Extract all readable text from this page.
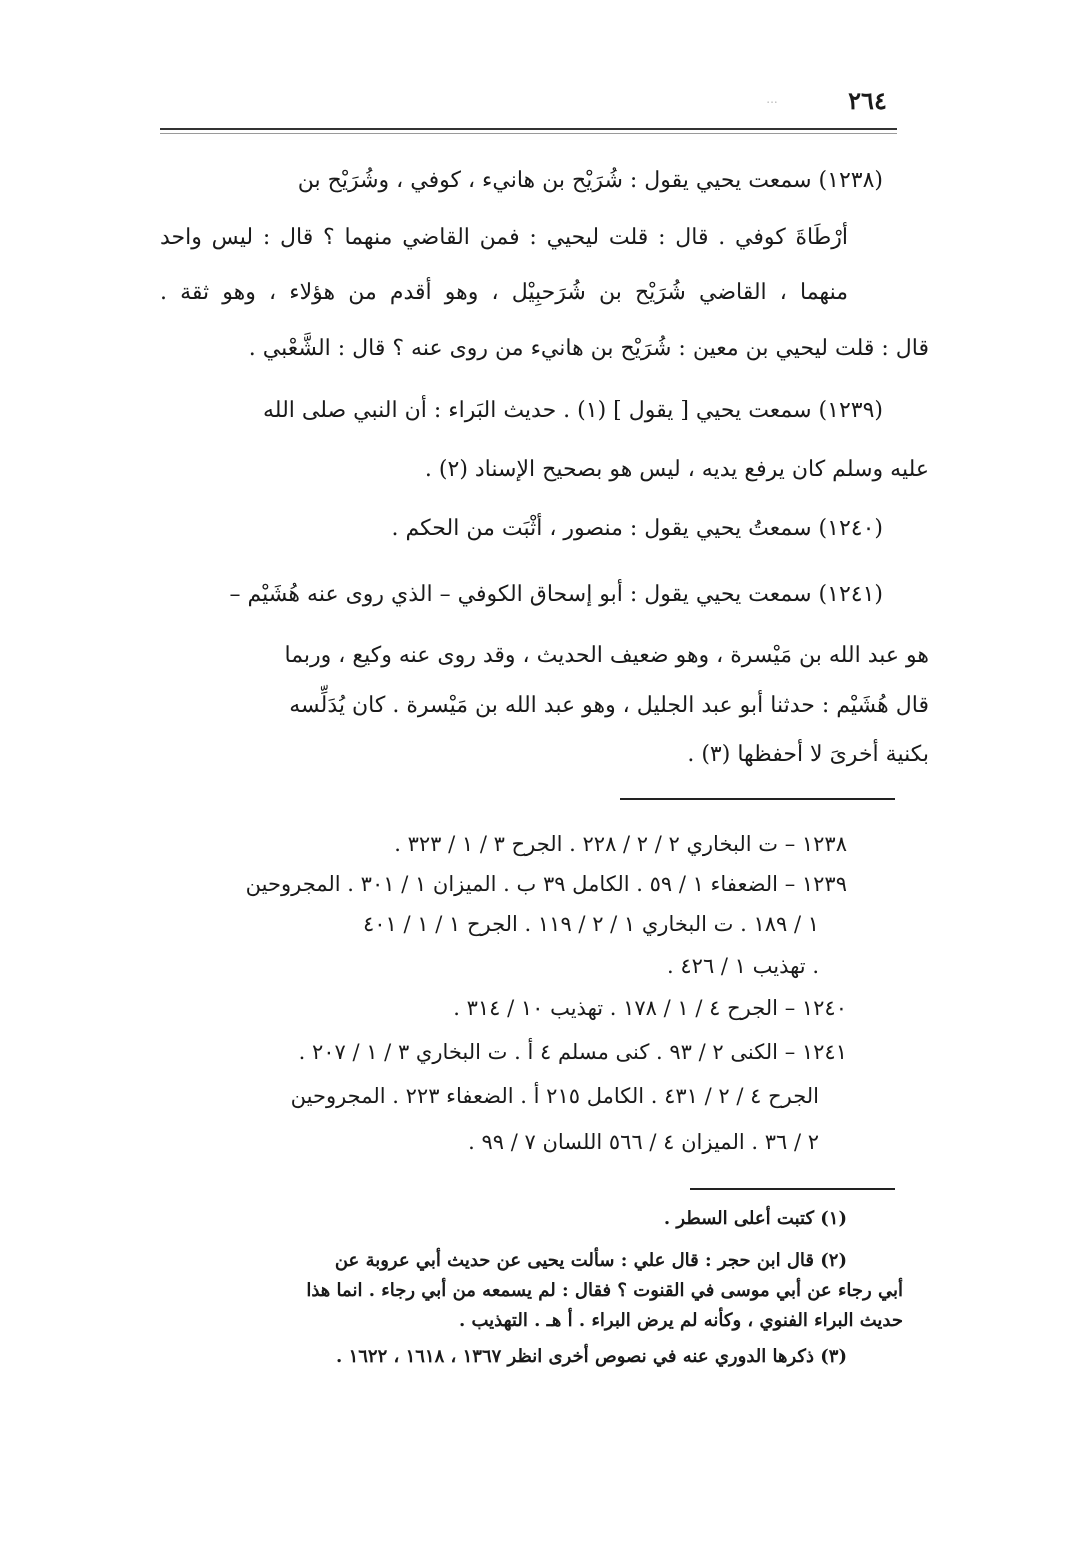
...	٢٦٤
(١٢٣٨) سمعت يحيي يقول : شُرَيْح بن هانيء ، كوفي ، وشُرَيْح بن
أرْطَاةَ كوفي . قال : قلت ليحيي : فمن القاضي منهما ؟ قال : ليس واحد
منهما ، القاضي شُرَيْح بن شُرَحبِيْل ، وهو أقدم من هؤلاء ، وهو ثقة .
قال : قلت ليحيي بن معين : شُرَيْح بن هانيء من روى عنه ؟ قال : الشَّعْبي .
(١٢٣٩) سمعت يحيي [ يقول ] (١) . حديث البَراء : أن النبي صلى الله
عليه وسلم كان يرفع يديه ، ليس هو بصحيح الإسناد (٢) .
(١٢٤٠) سمعتُ يحيي يقول : منصور ، أثْبَت من الحكم .
(١٢٤١) سمعت يحيي يقول : أبو إسحاق الكوفي – الذي روى عنه هُشَيْم –
هو عبد الله بن مَيْسرة ، وهو ضعيف الحديث ، وقد روى عنه وكيع ، وربما
قال هُشَيْم : حدثنا أبو عبد الجليل ، وهو عبد الله بن مَيْسرة . كان يُدَلِّسه
بكنية أخرىَ لا أحفظها (٣) .
١٢٣٨ – ت البخاري ٢ / ٢ / ٢٢٨ . الجرح ٣ / ١ / ٣٢٣ .
١٢٣٩ – الضعفاء ١ / ٥٩ . الكامل ٣٩ ب . الميزان ١ / ٣٠١ . المجروحين
١ / ١٨٩ . ت البخاري ١ / ٢ / ١١٩ . الجرح ١ / ١ / ٤٠١
. تهذيب ١ / ٤٢٦ .
١٢٤٠ – الجرح ٤ / ١ / ١٧٨ . تهذيب ١٠ / ٣١٤ .
١٢٤١ – الكنى ٢ / ٩٣ . كنى مسلم ٤ أ . ت البخاري ٣ / ١ / ٢٠٧ .
الجرح ٤ / ٢ / ٤٣١ . الكامل ٢١٥ أ . الضعفاء ٢٢٣ . المجروحين
٢ / ٣٦ . الميزان ٤ / ٥٦٦ اللسان ٧ / ٩٩ .
(١) كتبت أعلى السطر .
(٢) قال ابن حجر : قال علي : سألت يحيى عن حديث أبي عروبة عن
أبي رجاء عن أبي موسى في القنوت ؟ فقال : لم يسمعه من أبي رجاء . انما هذا
حديث البراء الفنوي ، وكأنه لم يرض البراء . أ هـ . التهذيب .
(٣) ذكرها الدوري عنه في نصوص أخرى انظر ١٣٦٧ ، ١٦١٨ ، ١٦٢٢ .
